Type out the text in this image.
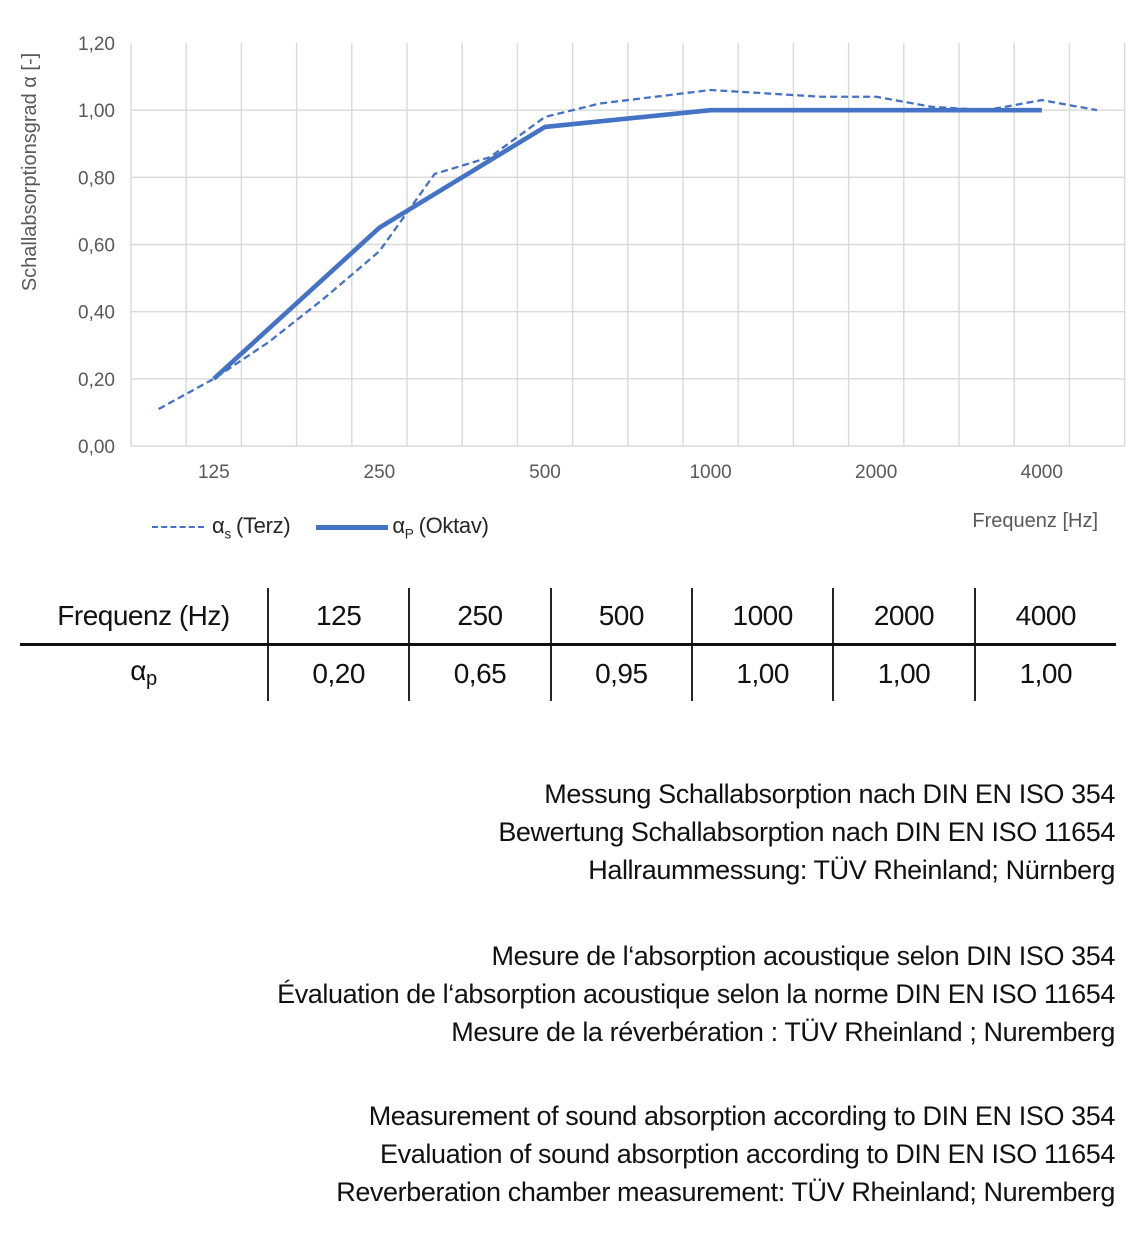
0,00
0,20
0,40
0,60
0,80
1,00
1,20
125	250	500	1000	2000	4000
Schallabsorptionsgrad α [-]
Frequenz [Hz]
$\alpha_s$ (Terz)	$\alpha_P$ (Oktav)
Frequenz (Hz)	125	250	500	1000	2000	4000
αp	0,20	0,65	0,95	1,00	1,00	1,00
Messung Schallabsorption nach DIN EN ISO 354
Bewertung Schallabsorption nach DIN EN ISO 11654
Hallraummessung: TÜV Rheinland; Nürnberg
Mesure de l‘absorption acoustique selon DIN ISO 354
Évaluation de l‘absorption acoustique selon la norme DIN EN ISO 11654
Mesure de la réverbération : TÜV Rheinland ; Nuremberg
Measurement of sound absorption according to DIN EN ISO 354
Evaluation of sound absorption according to DIN EN ISO 11654
Reverberation chamber measurement: TÜV Rheinland; Nuremberg
